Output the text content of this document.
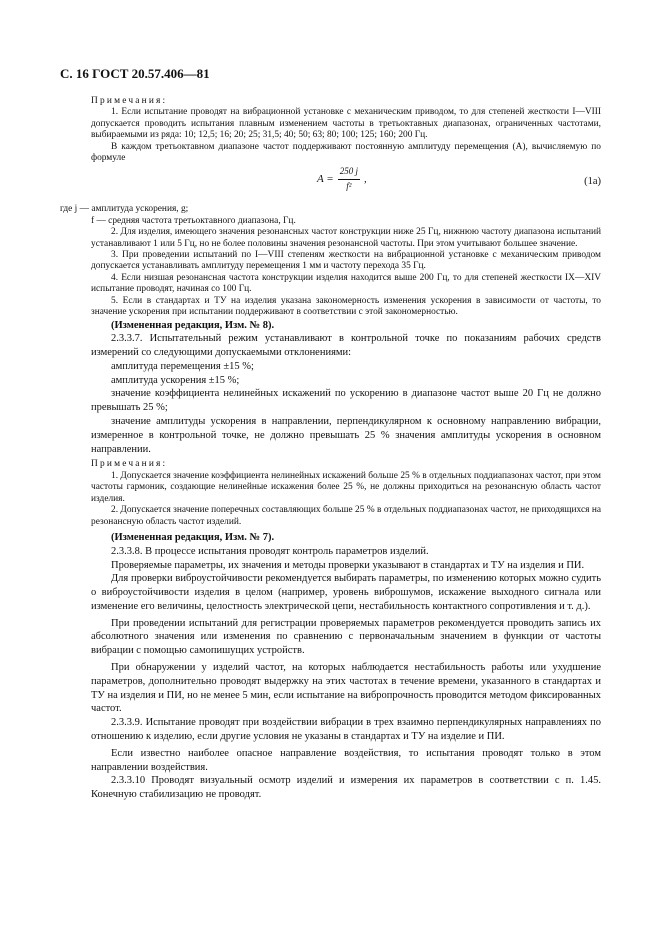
С. 16 ГОСТ 20.57.406—81

Примечания:

1. Если испытание проводят на вибрационной установке с механическим приводом, то для степеней жесткости I—VIII допускается проводить испытания плавным изменением частоты в третьоктавных диапазонах, ограниченных частотами, выбираемыми из ряда: 10; 12,5; 16; 20; 25; 31,5; 40; 50; 63; 80; 100; 125; 160; 200 Гц.

В каждом третьоктавном диапазоне частот поддерживают постоянную амплитуду перемещения (A), вычисляемую по формуле

$A = \frac{250 j}{\text{f²}}$ ,	(1а)

где j — амплитуда ускорения, g;

f — средняя частота третьоктавного диапазона, Гц.

2. Для изделия, имеющего значения резонансных частот конструкции ниже 25 Гц, нижнюю частоту диапазона испытаний устанавливают 1 или 5 Гц, но не более половины значения резонансной частоты. При этом учитывают большее значение.

3. При проведении испытаний по I—VIII степеням жесткости на вибрационной установке с механическим приводом допускается устанавливать амплитуду перемещения 1 мм и частоту перехода 35 Гц.

4. Если низшая резонансная частота конструкции изделия находится выше 200 Гц, то для степеней жесткости IX—XIV испытание проводят, начиная со 100 Гц.

5. Если в стандартах и ТУ на изделия указана закономерность изменения ускорения в зависимости от частоты, то значение ускорения при испытании поддерживают в соответствии с этой закономерностью.

(Измененная редакция, Изм. № 8).

2.3.3.7. Испытательный режим устанавливают в контрольной точке по показаниям рабочих средств измерений со следующими допускаемыми отклонениями:

амплитуда перемещения ±15 %;

амплитуда ускорения ±15 %;

значение коэффициента нелинейных искажений по ускорению в диапазоне частот выше 20 Гц не должно превышать 25 %;

значение амплитуды ускорения в направлении, перпендикулярном к основному направлению вибрации, измеренное в контрольной точке, не должно превышать 25 % значения амплитуды ускорения в основном направлении.

Примечания:

1. Допускается значение коэффициента нелинейных искажений больше 25 % в отдельных поддиапазонах частот, при этом частоты гармоник, создающие нелинейные искажения более 25 %, не должны приходиться на резонансную область частот изделия.

2. Допускается значение поперечных составляющих больше 25 % в отдельных поддиапазонах частот, не приходящихся на резонансную область частот изделий.

(Измененная редакция, Изм. № 7).

2.3.3.8. В процессе испытания проводят контроль параметров изделий.

Проверяемые параметры, их значения и методы проверки указывают в стандартах и ТУ на изделия и ПИ.

Для проверки виброустойчивости рекомендуется выбирать параметры, по изменению которых можно судить о виброустойчивости изделия в целом (например, уровень виброшумов, искажение выходного сигнала или изменение его величины, целостность электрической цепи, нестабильность контактного сопротивления и т. д.).

При проведении испытаний для регистрации проверяемых параметров рекомендуется проводить запись их абсолютного значения или изменения по сравнению с первоначальным значением в функции от частоты вибрации с помощью самопишущих устройств.

При обнаружении у изделий частот, на которых наблюдается нестабильность работы или ухудшение параметров, дополнительно проводят выдержку на этих частотах в течение времени, указанного в стандартах и ТУ на изделия и ПИ, но не менее 5 мин, если испытание на вибропрочность проводится методом фиксированных частот.

2.3.3.9. Испытание проводят при воздействии вибрации в трех взаимно перпендикулярных направлениях по отношению к изделию, если другие условия не указаны в стандартах и ТУ на изделие и ПИ.

Если известно наиболее опасное направление воздействия, то испытания проводят только в этом направлении воздействия.

2.3.3.10 Проводят визуальный осмотр изделий и измерения их параметров в соответствии с п. 1.45. Конечную стабилизацию не проводят.
